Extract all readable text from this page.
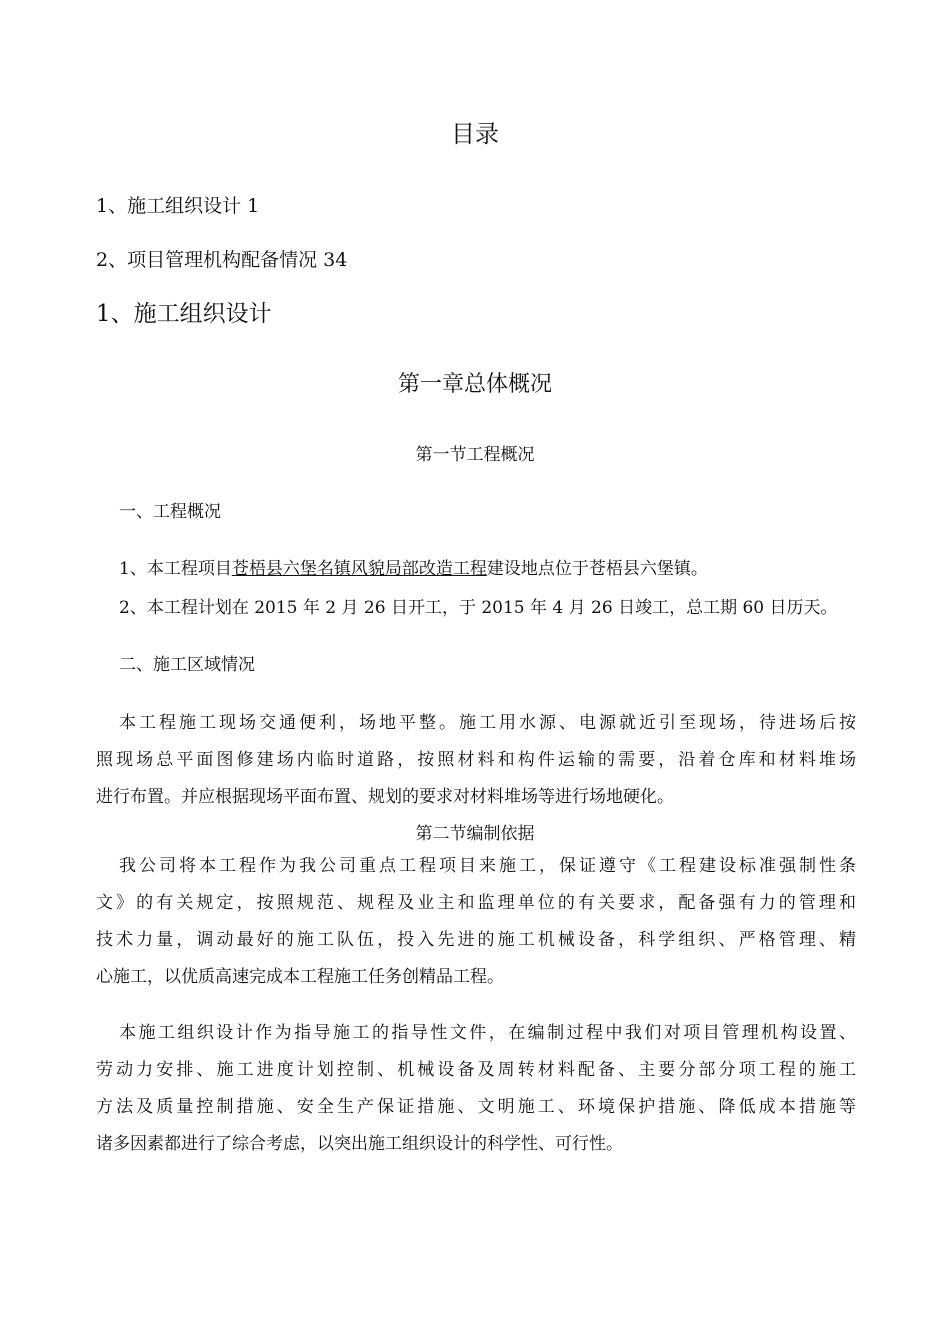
目录
1、施工组织设计 1
2、项目管理机构配备情况 34
1、施工组织设计
第一章总体概况
第一节工程概况
一、工程概况
1、本工程项目苍梧县六堡名镇风貌局部改造工程建设地点位于苍梧县六堡镇。
2、本工程计划在 2015 年 2 月 26 日开工，于 2015 年 4 月 26 日竣工，总工期 60 日历天。
二、施工区域情况
本工程施工现场交通便利，场地平整。施工用水源、电源就近引至现场，待进场后按
照现场总平面图修建场内临时道路，按照材料和构件运输的需要，沿着仓库和材料堆场
进行布置。并应根据现场平面布置、规划的要求对材料堆场等进行场地硬化。
第二节编制依据
我公司将本工程作为我公司重点工程项目来施工，保证遵守《工程建设标准强制性条
文》的有关规定，按照规范、规程及业主和监理单位的有关要求，配备强有力的管理和
技术力量，调动最好的施工队伍，投入先进的施工机械设备，科学组织、严格管理、精
心施工，以优质高速完成本工程施工任务创精品工程。
本施工组织设计作为指导施工的指导性文件，在编制过程中我们对项目管理机构设置、
劳动力安排、施工进度计划控制、机械设备及周转材料配备、主要分部分项工程的施工
方法及质量控制措施、安全生产保证措施、文明施工、环境保护措施、降低成本措施等
诸多因素都进行了综合考虑，以突出施工组织设计的科学性、可行性。
